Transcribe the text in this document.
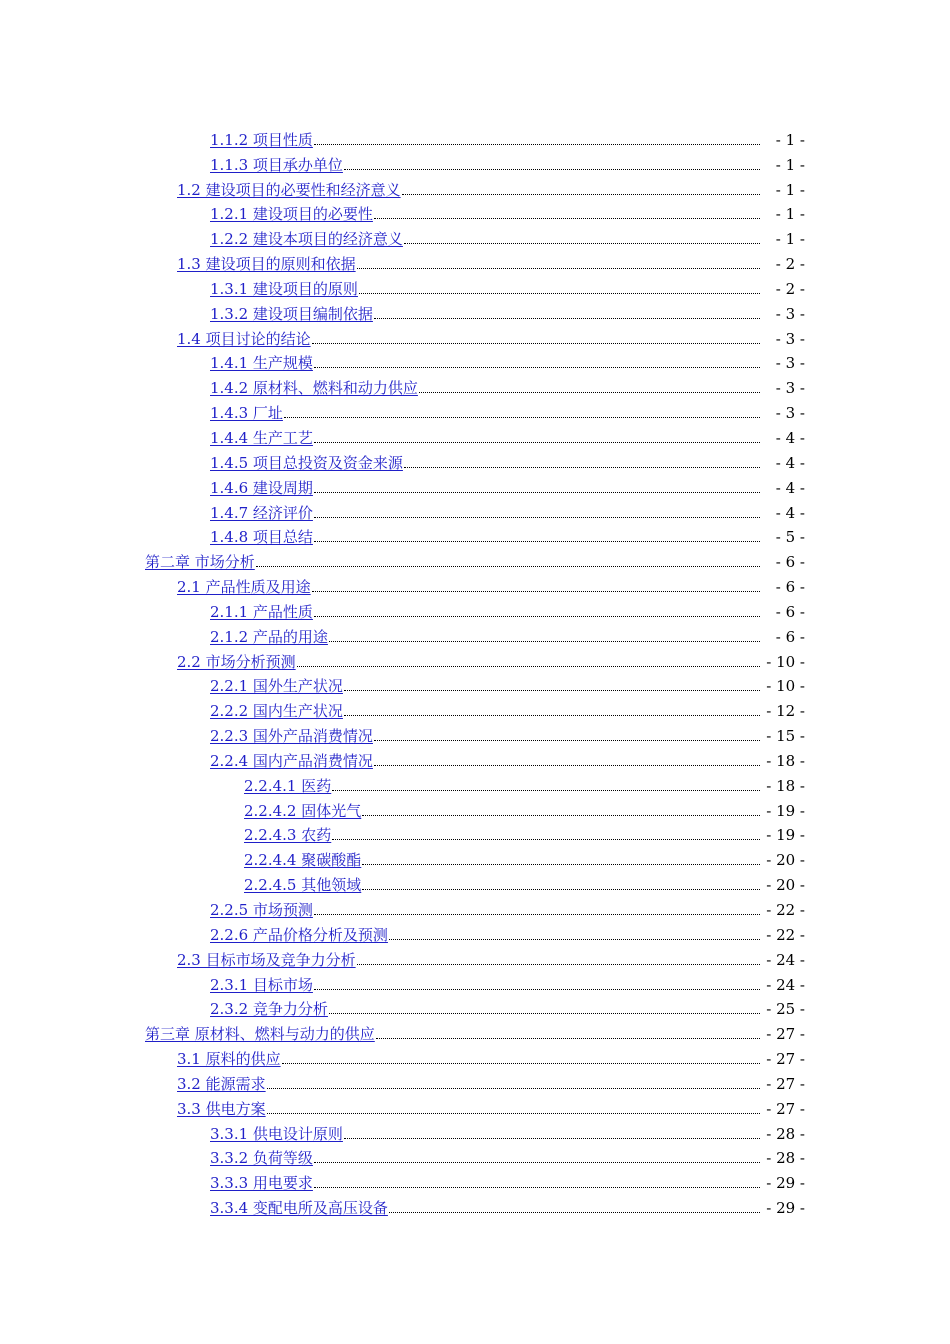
1.1.2 项目性质	- 1 -
1.1.3 项目承办单位	- 1 -
1.2 建设项目的必要性和经济意义	- 1 -
1.2.1 建设项目的必要性	- 1 -
1.2.2 建设本项目的经济意义	- 1 -
1.3 建设项目的原则和依据	- 2 -
1.3.1 建设项目的原则	- 2 -
1.3.2 建设项目编制依据	- 3 -
1.4 项目讨论的结论	- 3 -
1.4.1 生产规模	- 3 -
1.4.2 原材料、燃料和动力供应	- 3 -
1.4.3 厂址	- 3 -
1.4.4 生产工艺	- 4 -
1.4.5 项目总投资及资金来源	- 4 -
1.4.6 建设周期	- 4 -
1.4.7 经济评价	- 4 -
1.4.8 项目总结	- 5 -
第二章 市场分析	- 6 -
2.1 产品性质及用途	- 6 -
2.1.1 产品性质	- 6 -
2.1.2 产品的用途	- 6 -
2.2 市场分析预测	- 10 -
2.2.1 国外生产状况	- 10 -
2.2.2 国内生产状况	- 12 -
2.2.3 国外产品消费情况	- 15 -
2.2.4 国内产品消费情况	- 18 -
2.2.4.1 医药	- 18 -
2.2.4.2 固体光气	- 19 -
2.2.4.3 农药	- 19 -
2.2.4.4 聚碳酸酯	- 20 -
2.2.4.5 其他领域	- 20 -
2.2.5 市场预测	- 22 -
2.2.6 产品价格分析及预测	- 22 -
2.3 目标市场及竞争力分析	- 24 -
2.3.1 目标市场	- 24 -
2.3.2 竞争力分析	- 25 -
第三章 原材料、燃料与动力的供应	- 27 -
3.1 原料的供应	- 27 -
3.2 能源需求	- 27 -
3.3 供电方案	- 27 -
3.3.1 供电设计原则	- 28 -
3.3.2 负荷等级	- 28 -
3.3.3 用电要求	- 29 -
3.3.4 变配电所及高压设备	- 29 -
